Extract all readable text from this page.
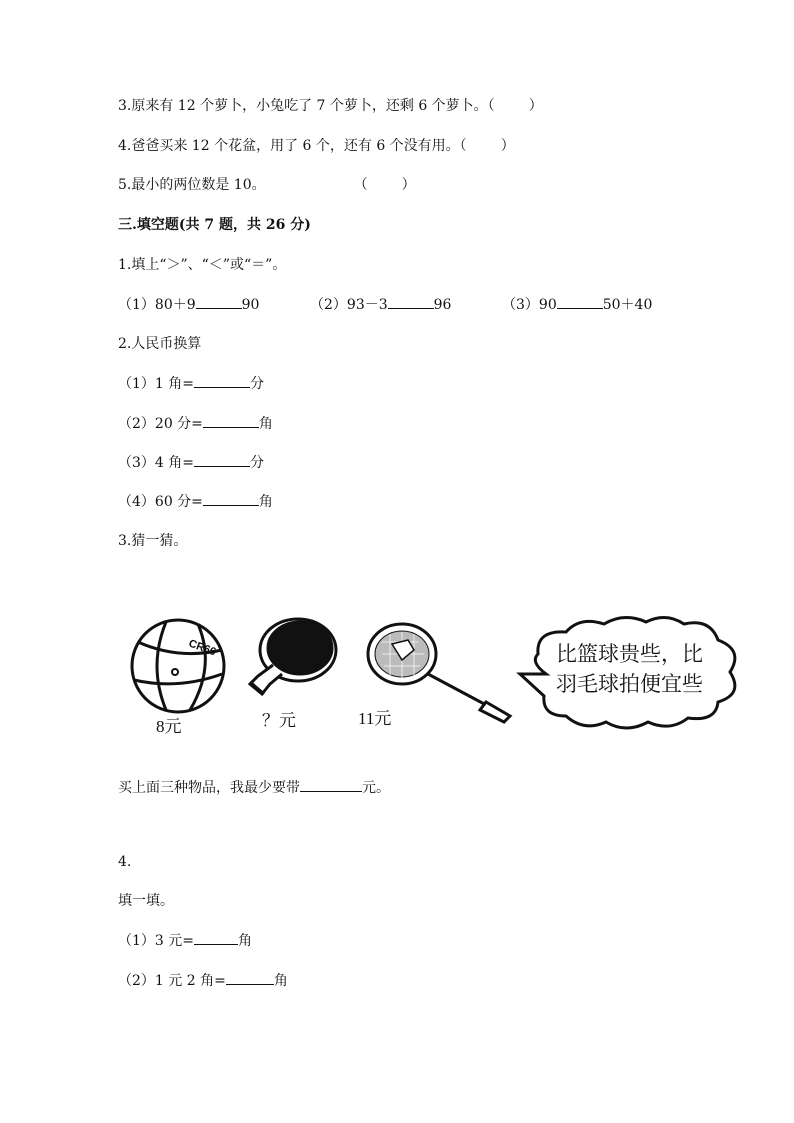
3.原来有 12 个萝卜，小兔吃了 7 个萝卜，还剩 6 个萝卜。（ ）
4.爸爸买来 12 个花盆，用了 6 个，还有 6 个没有用。（ ）
5.最小的两位数是 10。	（ ）
三.填空题(共 7 题，共 26 分)
1.填上“＞”、“＜”或“＝”。
（1）80＋9	90	（2）93－3	96	（3）90	50＋40
2.人民币换算
（1）1 角=	分
（2）20 分=	角
（3）4 角=	分
（4）60 分=	角
3.猜一猜。
CR66
8元	？元	11元
比篮球贵些，比
羽毛球拍便宜些
买上面三种物品，我最少要带	元。
4.
填一填。
（1）3 元=	角
（2）1 元 2 角=	角
